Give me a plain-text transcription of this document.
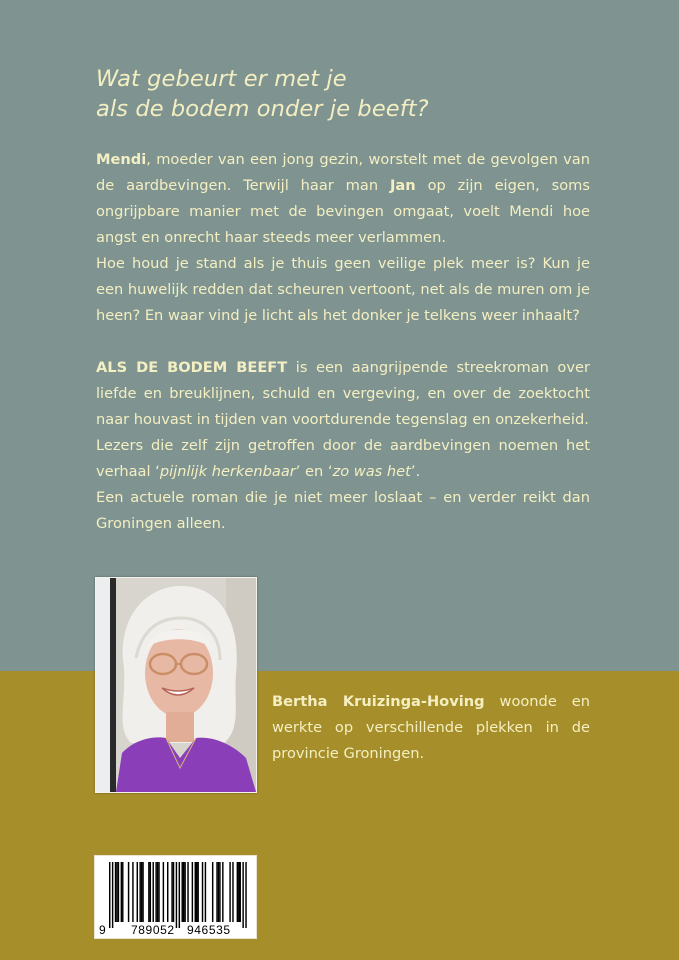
Wat gebeurt er met je
als de bodem onder je beeft?

Mendi, moeder van een jong gezin, worstelt met de gevolgen van de aardbevingen. Terwijl haar man Jan op zijn eigen, soms ongrijpbare manier met de bevingen omgaat, voelt Mendi hoe angst en onrecht haar steeds meer verlammen.

Hoe houd je stand als je thuis geen veilige plek meer is? Kun je een huwelijk redden dat scheuren vertoont, net als de muren om je heen? En waar vind je licht als het donker je telkens weer inhaalt?

ALS DE BODEM BEEFT is een aangrijpende streekroman over liefde en breuklijnen, schuld en vergeving, en over de zoektocht naar houvast in tijden van voortdurende tegenslag en onzekerheid.

Lezers die zelf zijn getroffen door de aardbevingen noemen het verhaal ‘pijnlijk herkenbaar’ en ‘zo was het’.

Een actuele roman die je niet meer loslaat – en verder reikt dan Groningen alleen.

Bertha Kruizinga-Hoving woonde en werkte op verschillende plekken in de provincie Groningen.
9 789052 946535
